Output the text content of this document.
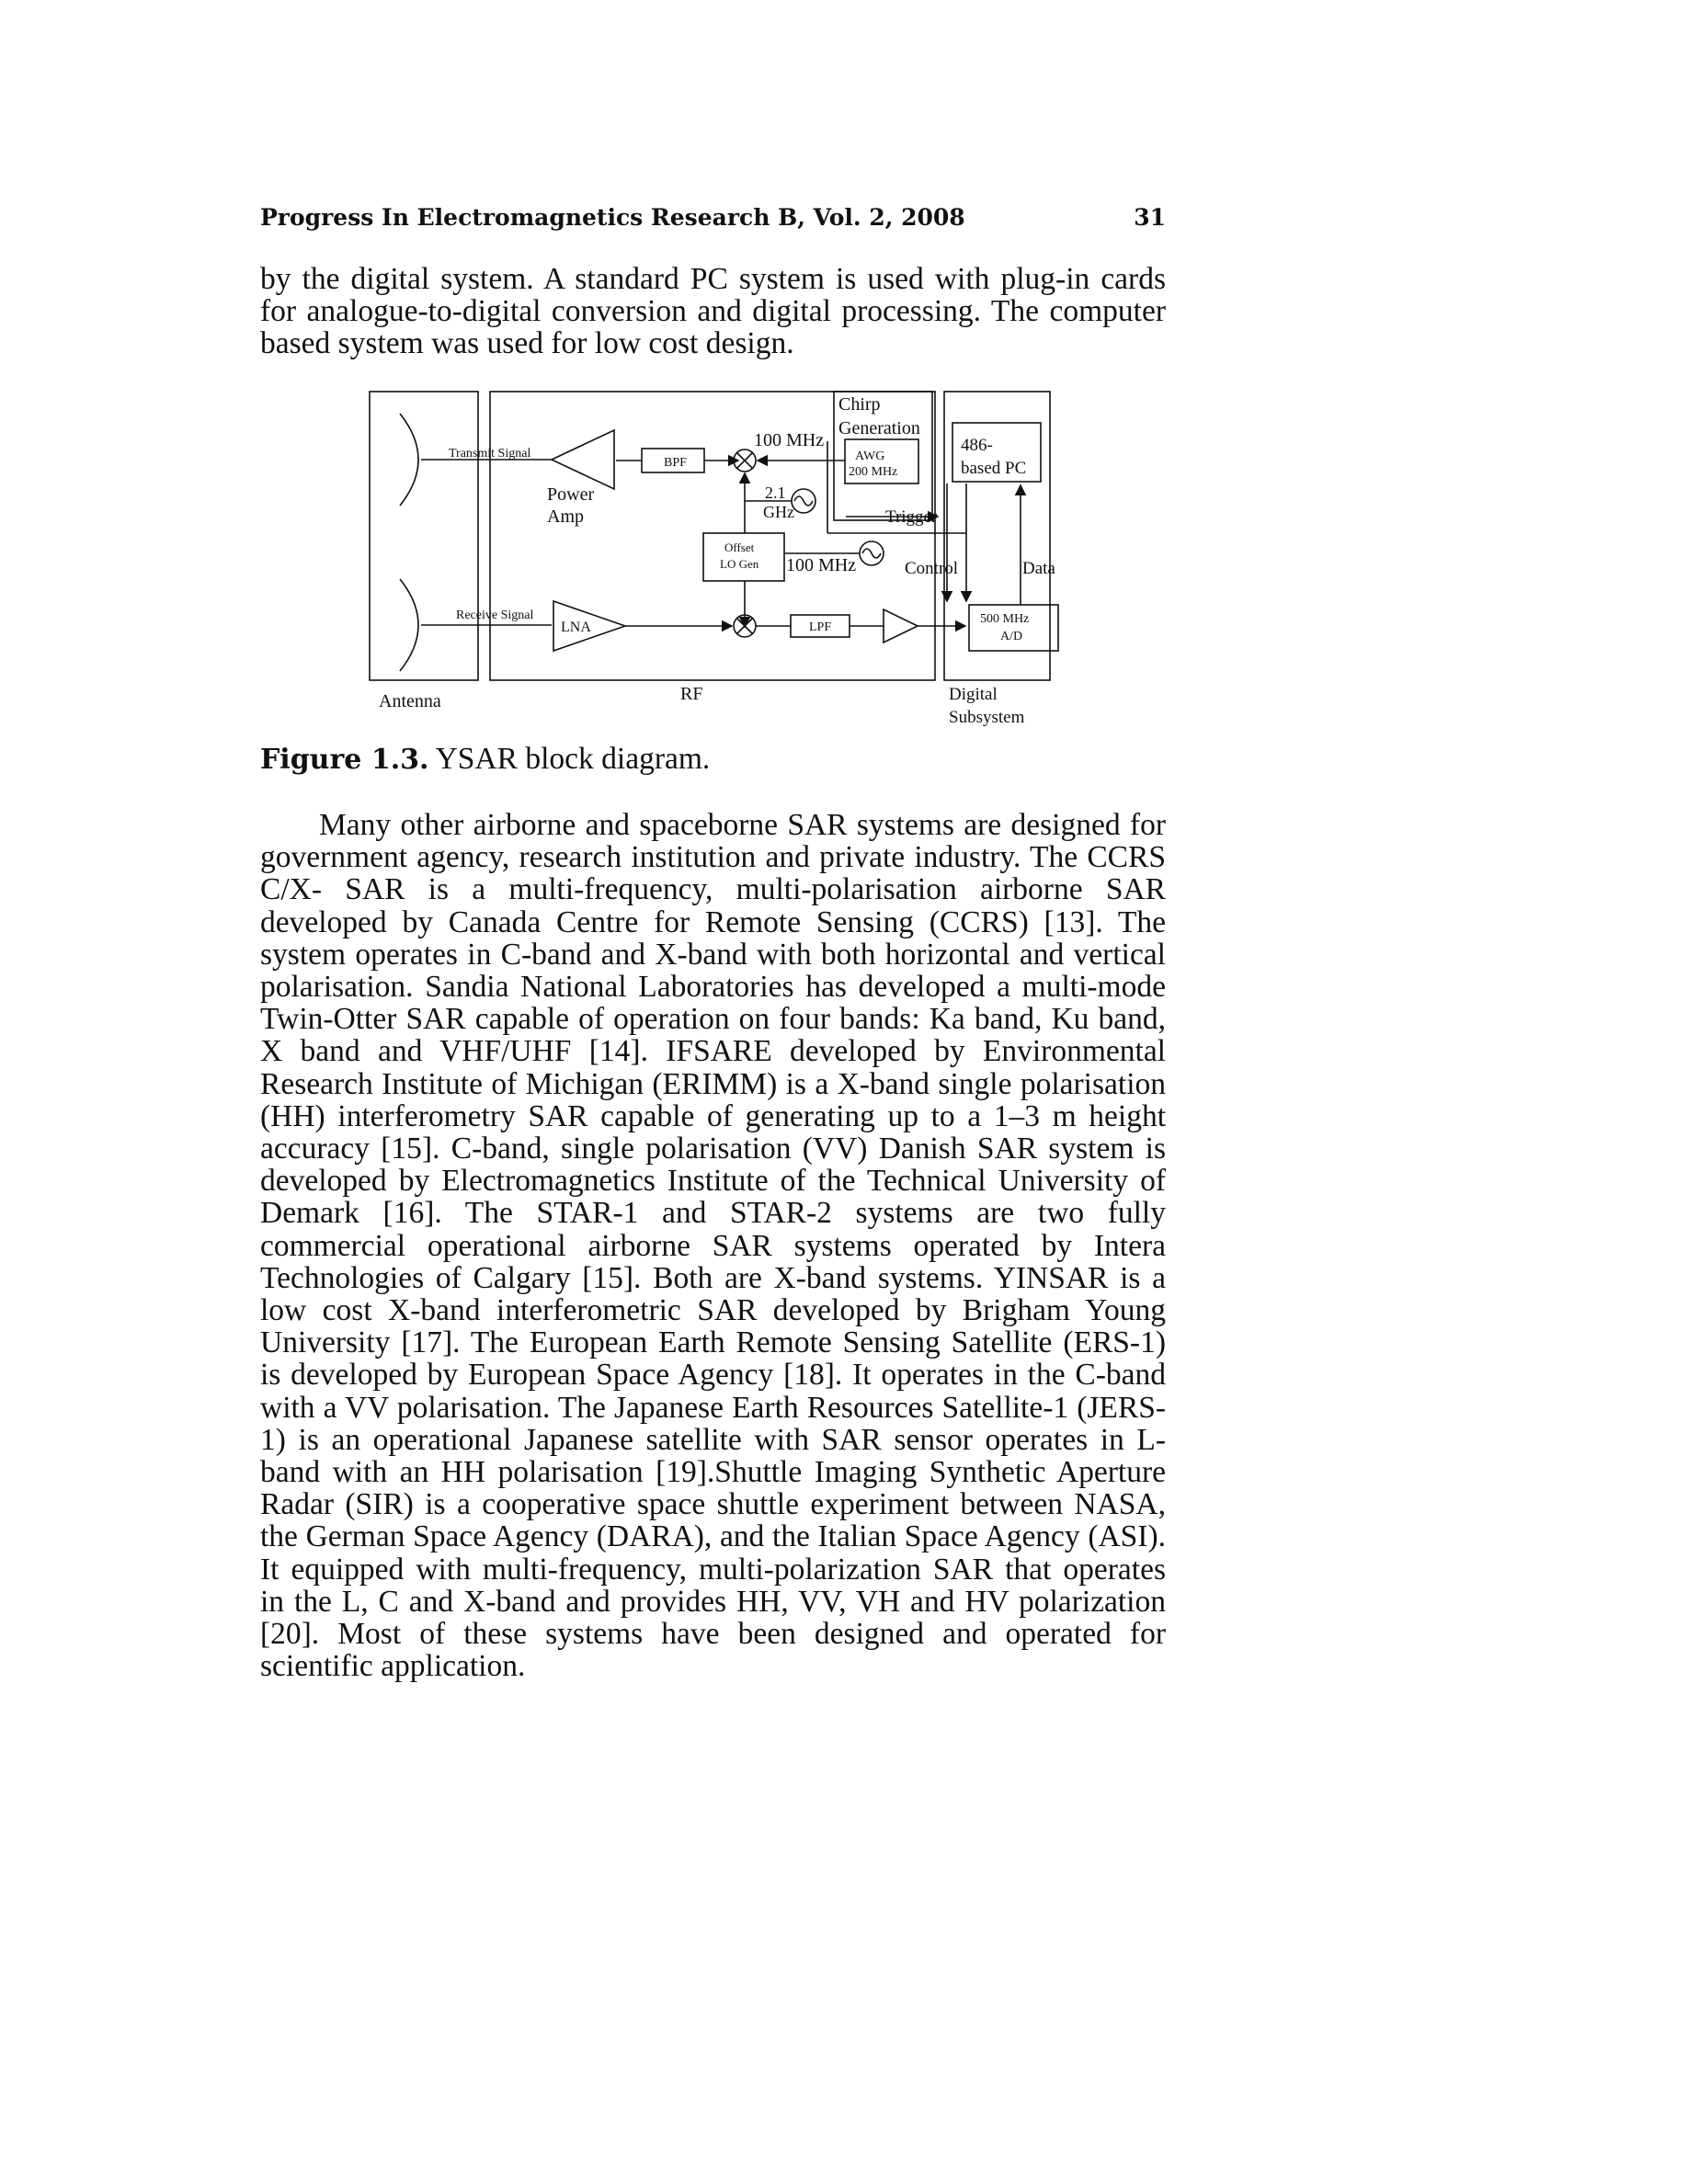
Progress In Electromagnetics Research B, Vol. 2, 2008	31

by the digital system. A standard PC system is used with plug-in cards for analogue-to-digital conversion and digital processing. The computer based system was used for low cost design.

Chirp
Generation
486-
based PC
100 MHz
AWG
200 MHz
Transmit Signal
BPF
Power
Amp
2.1
GHz	Trigger
Offset
LO Gen 100 MHz	Control	Data
Receive Signal
LNA	LPF
500 MHz
A/D
Antenna	RF	Digital
Subsystem
Figure 1.3. YSAR block diagram.

Many other airborne and spaceborne SAR systems are designed for government agency, research institution and private industry. The CCRS C/X- SAR is a multi-frequency, multi-polarisation airborne SAR developed by Canada Centre for Remote Sensing (CCRS) [13]. The system operates in C-band and X-band with both horizontal and vertical polarisation. Sandia National Laboratories has developed a multi-mode Twin-Otter SAR capable of operation on four bands: Ka band, Ku band, X band and VHF/UHF [14]. IFSARE developed by Environmental Research Institute of Michigan (ERIMM) is a X-band single polarisation (HH) interferometry SAR capable of generating up to a 1–3 m height accuracy [15]. C-band, single polarisation (VV) Danish SAR system is developed by Electromagnetics Institute of the Technical University of Demark [16]. The STAR-1 and STAR-2 systems are two fully commercial operational airborne SAR systems operated by Intera Technologies of Calgary [15]. Both are X-band systems. YINSAR is a low cost X-band interferometric SAR developed by Brigham Young University [17]. The European Earth Remote Sensing Satellite (ERS-1) is developed by European Space Agency [18]. It operates in the C-band with a VV polarisation. The Japanese Earth Resources Satellite-1 (JERS-1) is an operational Japanese satellite with SAR sensor operates in L-band with an HH polarisation [19].Shuttle Imaging Synthetic Aperture Radar (SIR) is a cooperative space shuttle experiment between NASA, the German Space Agency (DARA), and the Italian Space Agency (ASI). It equipped with multi-frequency, multi-polarization SAR that operates in the L, C and X-band and provides HH, VV, VH and HV polarization [20]. Most of these systems have been designed and operated for scientific application.
